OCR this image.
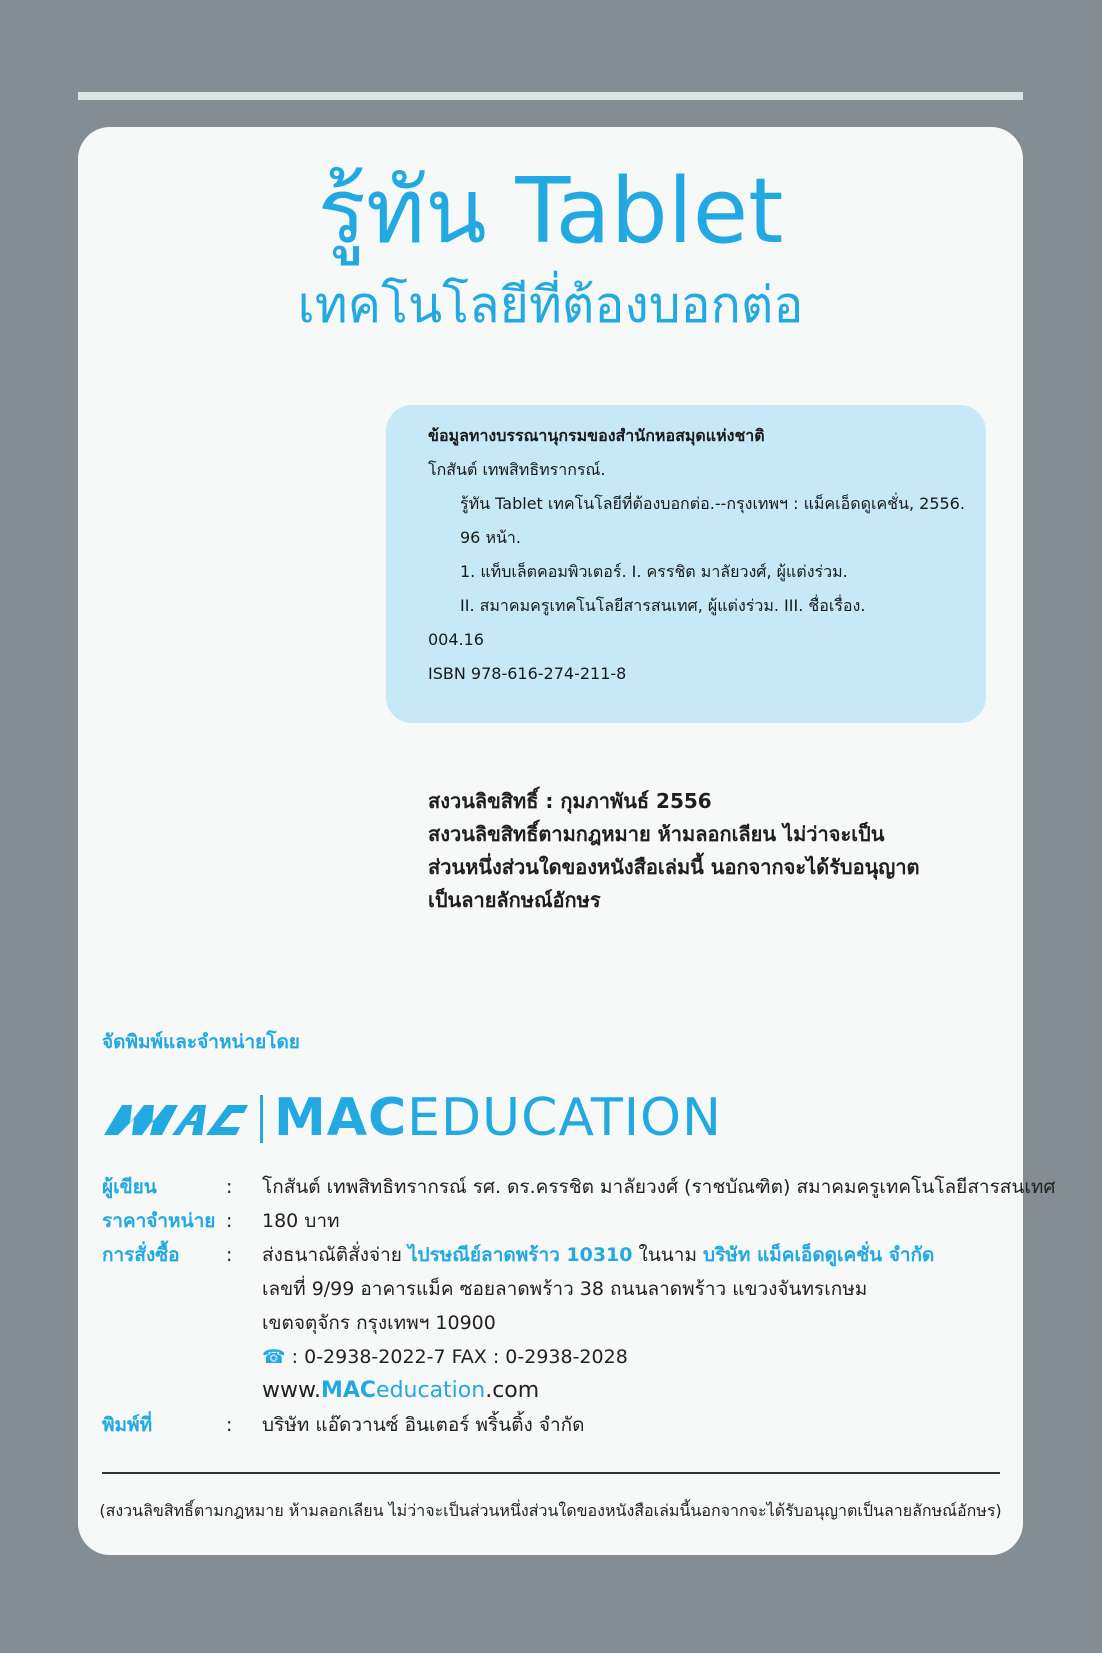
รู้ทัน Tablet
เทคโนโลยีที่ต้องบอกต่อ
ข้อมูลทางบรรณานุกรมของสำนักหอสมุดแห่งชาติ
โกสันต์ เทพสิทธิทรากรณ์.
รู้ทัน Tablet เทคโนโลยีที่ต้องบอกต่อ.--กรุงเทพฯ : แม็คเอ็ดดูเคชั่น, 2556.
96 หน้า.
1. แท็บเล็ตคอมพิวเตอร์. I. ครรชิต มาลัยวงศ์, ผู้แต่งร่วม.
II. สมาคมครูเทคโนโลยีสารสนเทศ, ผู้แต่งร่วม. III. ชื่อเรื่อง.
004.16
ISBN 978-616-274-211-8
สงวนลิขสิทธิ์ : กุมภาพันธ์ 2556
สงวนลิขสิทธิ์ตามกฎหมาย ห้ามลอกเลียน ไม่ว่าจะเป็น
ส่วนหนึ่งส่วนใดของหนังสือเล่มนี้ นอกจากจะได้รับอนุญาต
เป็นลายลักษณ์อักษร
จัดพิมพ์และจำหน่ายโดย
MACEDUCATION
ผู้เขียน	: โกสันต์ เทพสิทธิทรากรณ์ รศ. ดร.ครรชิต มาลัยวงศ์ (ราชบัณฑิต) สมาคมครูเทคโนโลยีสารสนเทศ
ราคาจำหน่าย : 180 บาท
การสั่งซื้อ : ส่งธนาณัติสั่งจ่าย ไปรษณีย์ลาดพร้าว 10310 ในนาม บริษัท แม็คเอ็ดดูเคชั่น จำกัด
เลขที่ 9/99 อาคารแม็ค ซอยลาดพร้าว 38 ถนนลาดพร้าว แขวงจันทรเกษม
เขตจตุจักร กรุงเทพฯ 10900
☎ : 0-2938-2022-7 FAX : 0-2938-2028
www.MACeducation.com
พิมพ์ที่	: บริษัท แอ๊ดวานซ์ อินเตอร์ พริ้นติ้ง จำกัด
(สงวนลิขสิทธิ์ตามกฎหมาย ห้ามลอกเลียน ไม่ว่าจะเป็นส่วนหนึ่งส่วนใดของหนังสือเล่มนี้นอกจากจะได้รับอนุญาตเป็นลายลักษณ์อักษร)
